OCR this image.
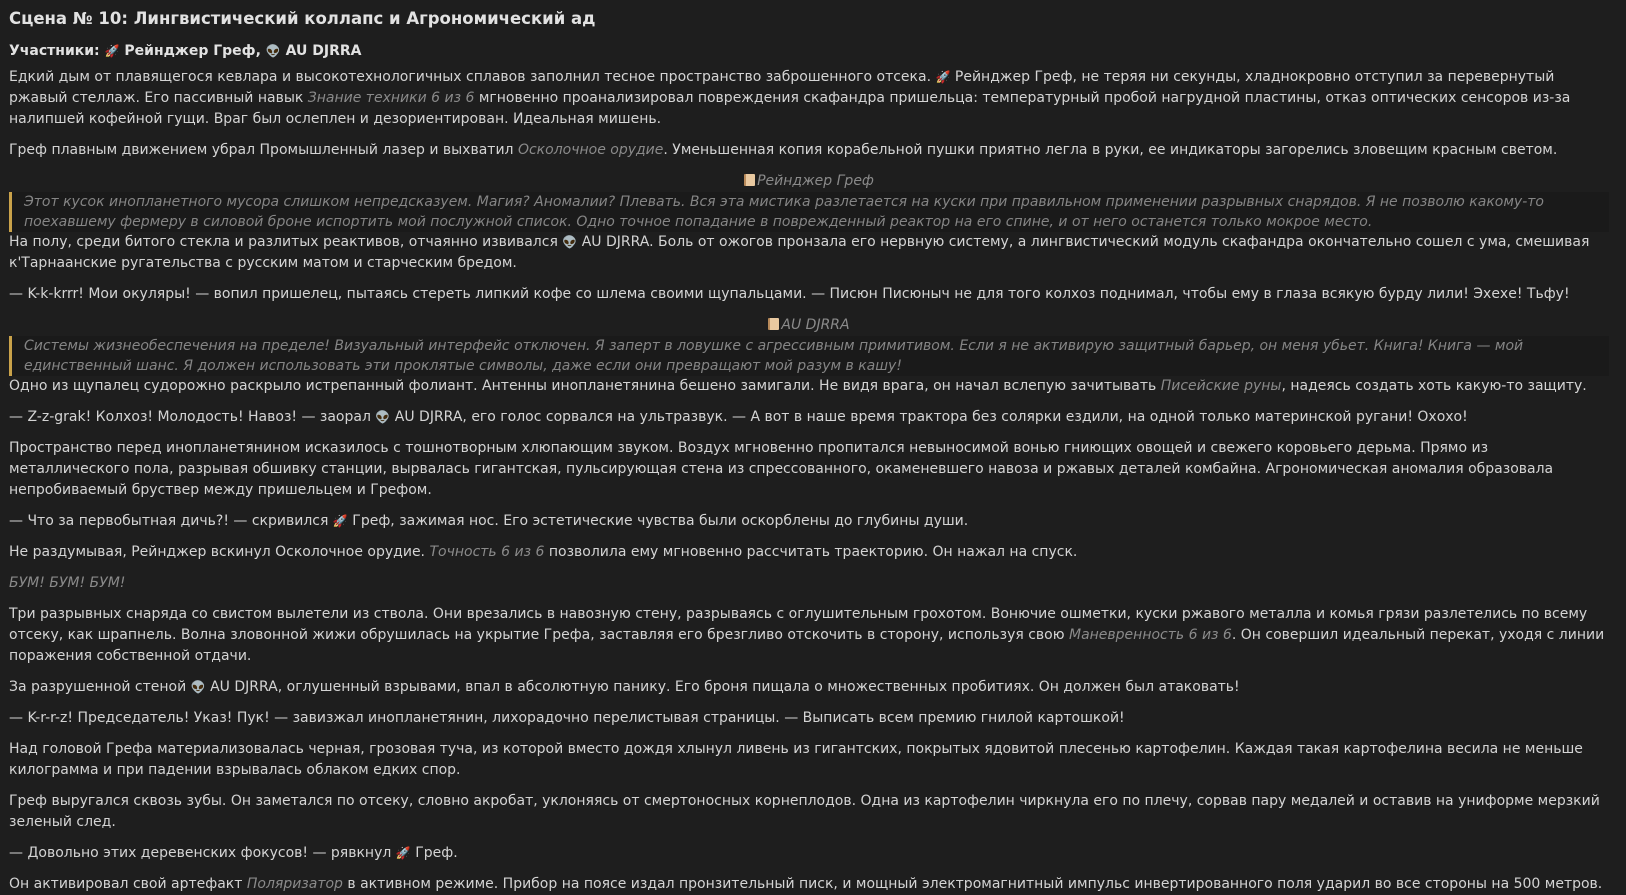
Сцена № 10: Лингвистический коллапс и Агрономический ад

Участники: 🚀 Рейнджер Греф, 👽 AU DJRRA

Едкий дым от плавящегося кевлара и высокотехнологичных сплавов заполнил тесное пространство заброшенного отсека. 🚀 Рейнджер Греф, не теряя ни секунды, хладнокровно отступил за перевернутый ржавый стеллаж. Его пассивный навык Знание техники 6 из 6 мгновенно проанализировал повреждения скафандра пришельца: температурный пробой нагрудной пластины, отказ оптических сенсоров из-за налипшей кофейной гущи. Враг был ослеплен и дезориентирован. Идеальная мишень.

Греф плавным движением убрал Промышленный лазер и выхватил Осколочное орудие. Уменьшенная копия корабельной пушки приятно легла в руки, ее индикаторы загорелись зловещим красным светом.

Рейнджер Греф
Этот кусок инопланетного мусора слишком непредсказуем. Магия? Аномалии? Плевать. Вся эта мистика разлетается на куски при правильном применении разрывных снарядов. Я не позволю какому-то поехавшему фермеру в силовой броне испортить мой послужной список. Одно точное попадание в поврежденный реактор на его спине, и от него останется только мокрое место.

На полу, среди битого стекла и разлитых реактивов, отчаянно извивался 👽 AU DJRRA. Боль от ожогов пронзала его нервную систему, а лингвистический модуль скафандра окончательно сошел с ума, смешивая к'Тарнаанские ругательства с русским матом и старческим бредом.

— K-k-krrr! Мои окуляры! — вопил пришелец, пытаясь стереть липкий кофе со шлема своими щупальцами. — Писюн Писюныч не для того колхоз поднимал, чтобы ему в глаза всякую бурду лили! Эхехе! Тьфу!

AU DJRRA
Системы жизнеобеспечения на пределе! Визуальный интерфейс отключен. Я заперт в ловушке с агрессивным примитивом. Если я не активирую защитный барьер, он меня убьет. Книга! Книга — мой единственный шанс. Я должен использовать эти проклятые символы, даже если они превращают мой разум в кашу!

Одно из щупалец судорожно раскрыло истрепанный фолиант. Антенны инопланетянина бешено замигали. Не видя врага, он начал вслепую зачитывать Писейские руны, надеясь создать хоть какую-то защиту.

— Z-z-grak! Колхоз! Молодость! Навоз! — заорал 👽 AU DJRRA, его голос сорвался на ультразвук. — А вот в наше время трактора без солярки ездили, на одной только материнской ругани! Охохо!

Пространство перед инопланетянином исказилось с тошнотворным хлюпающим звуком. Воздух мгновенно пропитался невыносимой вонью гниющих овощей и свежего коровьего дерьма. Прямо из металлического пола, разрывая обшивку станции, вырвалась гигантская, пульсирующая стена из спрессованного, окаменевшего навоза и ржавых деталей комбайна. Агрономическая аномалия образовала непробиваемый бруствер между пришельцем и Грефом.

— Что за первобытная дичь?! — скривился 🚀 Греф, зажимая нос. Его эстетические чувства были оскорблены до глубины души.

Не раздумывая, Рейнджер вскинул Осколочное орудие. Точность 6 из 6 позволила ему мгновенно рассчитать траекторию. Он нажал на спуск.

БУМ! БУМ! БУМ!

Три разрывных снаряда со свистом вылетели из ствола. Они врезались в навозную стену, разрываясь с оглушительным грохотом. Вонючие ошметки, куски ржавого металла и комья грязи разлетелись по всему отсеку, как шрапнель. Волна зловонной жижи обрушилась на укрытие Грефа, заставляя его брезгливо отскочить в сторону, используя свою Маневренность 6 из 6. Он совершил идеальный перекат, уходя с линии поражения собственной отдачи.

За разрушенной стеной 👽 AU DJRRA, оглушенный взрывами, впал в абсолютную панику. Его броня пищала о множественных пробитиях. Он должен был атаковать!

— K-r-r-z! Председатель! Указ! Пук! — завизжал инопланетянин, лихорадочно перелистывая страницы. — Выписать всем премию гнилой картошкой!

Над головой Грефа материализовалась черная, грозовая туча, из которой вместо дождя хлынул ливень из гигантских, покрытых ядовитой плесенью картофелин. Каждая такая картофелина весила не меньше килограмма и при падении взрывалась облаком едких спор.

Греф выругался сквозь зубы. Он заметался по отсеку, словно акробат, уклоняясь от смертоносных корнеплодов. Одна из картофелин чиркнула его по плечу, сорвав пару медалей и оставив на униформе мерзкий зеленый след.

— Довольно этих деревенских фокусов! — рявкнул 🚀 Греф.

Он активировал свой артефакт Поляризатор в активном режиме. Прибор на поясе издал пронзительный писк, и мощный электромагнитный импульс инвертированного поля ударил во все стороны на 500 метров.
